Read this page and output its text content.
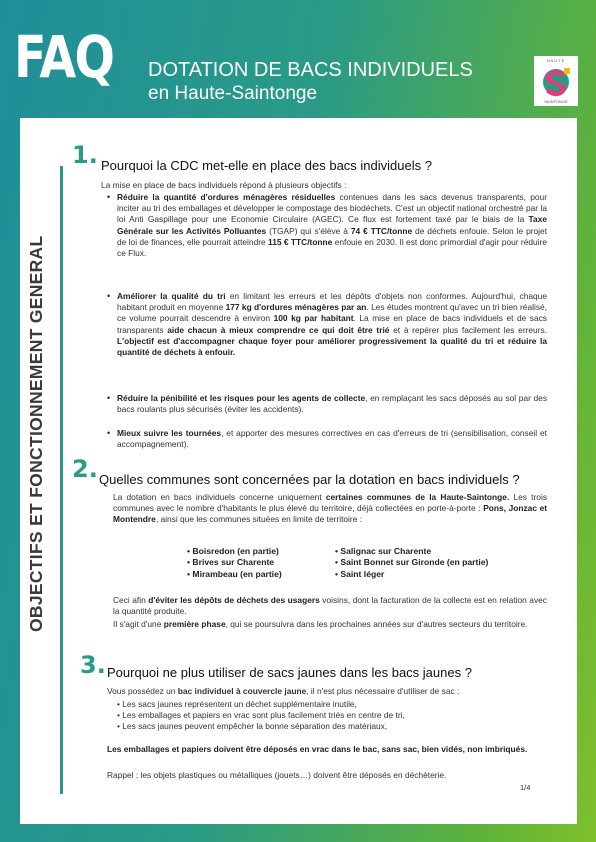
FAQ DOTATION DE BACS INDIVIDUELS
en Haute-Saintonge
HAUTE
SAINTONGE
OBJECTIFS ET FONCTIONNEMENT GENERAL
1. Pourquoi la CDC met-elle en place des bacs individuels ?
La mise en place de bacs individuels répond à plusieurs objectifs :
• Réduire la quantité d'ordures ménagères résiduelles contenues dans les sacs devenus transparents, pour inciter au tri des emballages et développer le compostage des biodéchets. C'est un objectif national orchestré par la loi Anti Gaspillage pour une Economie Circulaire (AGEC). Ce flux est fortement taxé par le biais de la Taxe Générale sur les Activités Polluantes (TGAP) qui s'élève à 74 € TTC/tonne de déchets enfouie. Selon le projet de loi de finances, elle pourrait atteindre 115 € TTC/tonne enfouie en 2030. Il est donc primordial d'agir pour réduire ce Flux.
• Améliorer la qualité du tri en limitant les erreurs et les dépôts d'objets non conformes. Aujourd'hui, chaque habitant produit en moyenne 177 kg d'ordures ménagères par an. Les études montrent qu'avec un tri bien réalisé, ce volume pourrait descendre à environ 100 kg par habitant. La mise en place de bacs individuels et de sacs transparents aide chacun à mieux comprendre ce qui doit être trié et à repérer plus facilement les erreurs. L'objectif est d'accompagner chaque foyer pour améliorer progressivement la qualité du tri et réduire la quantité de déchets à enfouir.
• Réduire la pénibilité et les risques pour les agents de collecte, en remplaçant les sacs déposés au sol par des bacs roulants plus sécurisés (éviter les accidents).
• Mieux suivre les tournées, et apporter des mesures correctives en cas d'erreurs de tri (sensibilisation, conseil et accompagnement).
2. Quelles communes sont concernées par la dotation en bacs individuels ?
La dotation en bacs individuels concerne uniquement certaines communes de la Haute-Saintonge. Les trois communes avec le nombre d'habitants le plus élevé du territoire, déjà collectées en porte-à-porte : Pons, Jonzac et Montendre, ainsi que les communes situées en limite de territoire :
• Boisredon (en partie)
• Brives sur Charente
• Mirambeau (en partie)
• Salignac sur Charente
• Saint Bonnet sur Gironde (en partie)
• Saint léger
Ceci afin d'éviter les dépôts de déchets des usagers voisins, dont la facturation de la collecte est en relation avec la quantité produite.
Il s'agit d'une première phase, qui se poursuivra dans les prochaines années sur d'autres secteurs du territoire.
3. Pourquoi ne plus utiliser de sacs jaunes dans les bacs jaunes ?
Vous possédez un bac individuel à couvercle jaune, il n'est plus nécessaire d'utiliser de sac :
• Les sacs jaunes représentent un déchet supplémentaire inutile,
• Les emballages et papiers en vrac sont plus facilement triés en centre de tri,
• Les sacs jaunes peuvent empêcher la bonne séparation des matériaux,
Les emballages et papiers doivent être déposés en vrac dans le bac, sans sac, bien vidés, non imbriqués.
Rappel : les objets plastiques ou métalliques (jouets…) doivent être déposés en déchèterie.
1/4
